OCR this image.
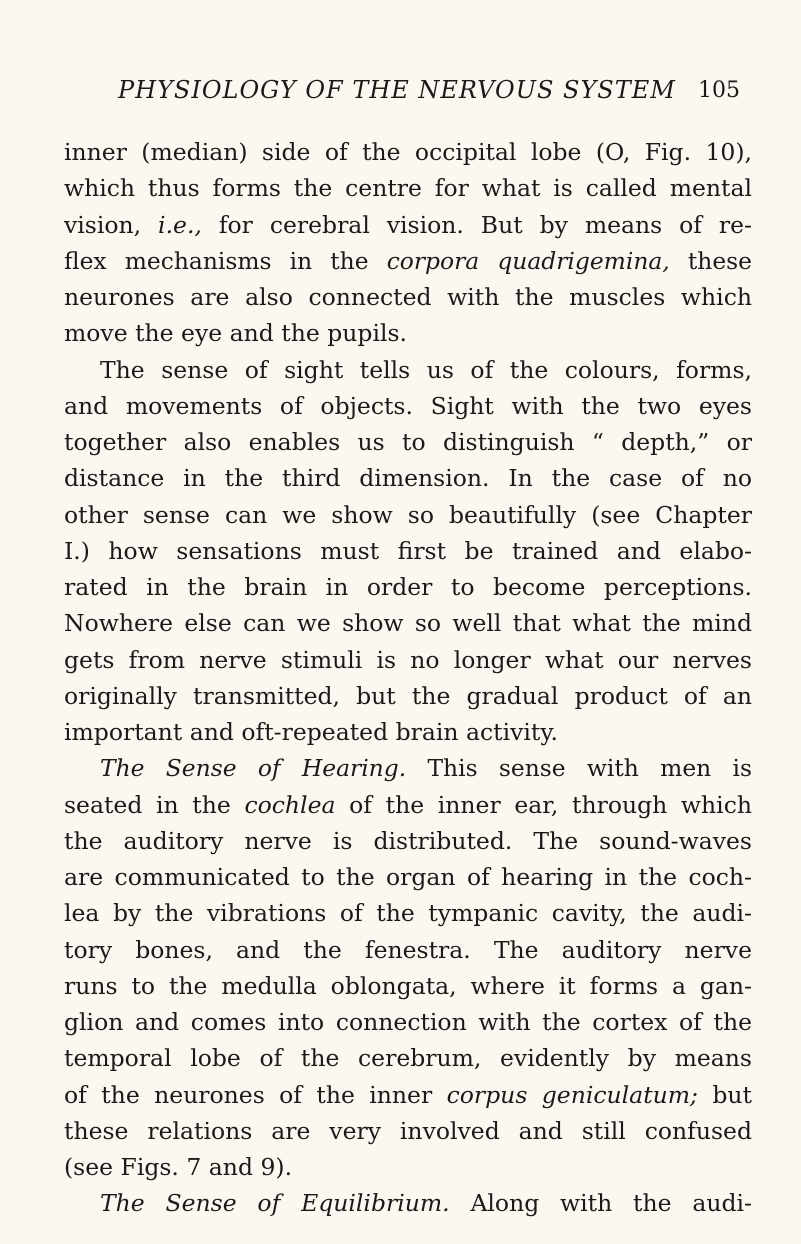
PHYSIOLOGY OF THE NERVOUS SYSTEM 105
inner (median) side of the occipital lobe (O, Fig. 10),
which thus forms the centre for what is called mental
vision, i.e., for cerebral vision. But by means of re-
flex mechanisms in the corpora quadrigemina, these
neurones are also connected with the muscles which
move the eye and the pupils.
The sense of sight tells us of the colours, forms,
and movements of objects. Sight with the two eyes
together also enables us to distinguish “ depth,” or
distance in the third dimension. In the case of no
other sense can we show so beautifully (see Chapter
I.) how sensations must first be trained and elabo-
rated in the brain in order to become perceptions.
Nowhere else can we show so well that what the mind
gets from nerve stimuli is no longer what our nerves
originally transmitted, but the gradual product of an
important and oft-repeated brain activity.
The Sense of Hearing. This sense with men is
seated in the cochlea of the inner ear, through which
the auditory nerve is distributed. The sound-waves
are communicated to the organ of hearing in the coch-
lea by the vibrations of the tympanic cavity, the audi-
tory bones, and the fenestra. The auditory nerve
runs to the medulla oblongata, where it forms a gan-
glion and comes into connection with the cortex of the
temporal lobe of the cerebrum, evidently by means
of the neurones of the inner corpus geniculatum; but
these relations are very involved and still confused
(see Figs. 7 and 9).
The Sense of Equilibrium. Along with the audi-
